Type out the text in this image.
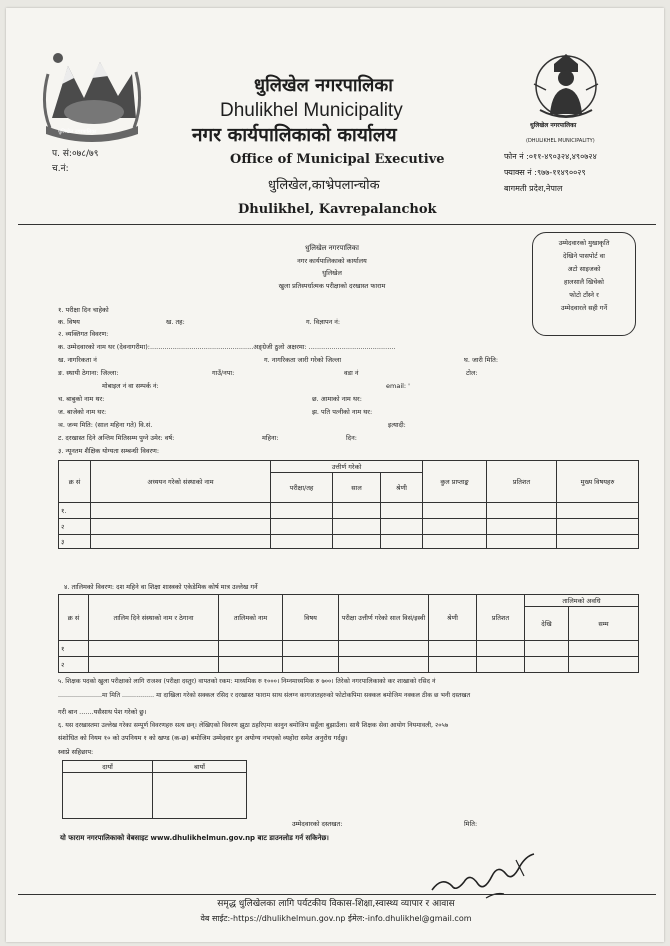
धुलिखेल नगरपालिका
धुलिखेल नगरपालिका
(DHULIKHEL MUNICIPALITY)
धुलिखेल नगरपालिका
Dhulikhel Municipality
नगर कार्यपालिकाको कार्यालय
Office of Municipal Executive
धुलिखेल,काभ्रेपलान्चोक
Dhulikhel, Kavrepalanchok
प. सं:०७८/७९
च.नं:
फोन नं :०११-४९०३२४,४९०७२४
फ्याक्स नं :९७७-११४९००२९
बागमती प्रदेश,नेपाल
धुलिखेल नगरपालिका
नगर कार्यपालिकाको कार्यालय
धुलिखेल
खुला प्रतिस्पर्धात्मक परीक्षाको दरखास्त फाराम
उम्मेदवारको मुखाकृति
देखिने पासपोर्ट वा
अटो साइजको
हालसालै खिचेको
फोटो टाँस्ने र
उम्मेदवारले सही गर्ने
१. परीक्षा दिन चाहेको
क. विषय	ख. तह:	ग. विज्ञापन नं:
२. व्यक्तिगत विवरण:
क. उम्मेदवारको नाम थर (देवनागरीमा):..................................................अङ्ग्रेजी ठुलो अक्षरमा: ..........................................
ख. नागरिकता नं	ग. नागरिकता जारी गरेको जिल्ला	घ. जारी मिति:
ङ. स्थायी ठेगाना: जिल्ला:	गाउँ/नपा:	वडा नं	टोल:
मोबाइल नं वा सम्पर्क नं:	email: '
च. बाबुको नाम थर:	छ. आमाको नाम थर:
ज. बाजेको नाम थर:	झ. पति पत्नीको नाम थर:
ञ. जन्म मिति: (साल महिना गते) वि.सं.	इत्यादी:
ट. दरखास्त दिने अन्तिम मितिसम्म पुग्ने उमेर: वर्ष:	महिना:	दिन:
३. न्यूनतम शैक्षिक योग्यता सम्बन्धी विवरण:
क्र सं	अध्ययन गरेको संस्थाको नाम	उत्तीर्ण गरेको			कुल प्राप्ताङ्क	प्रतिशत	मुख्य विषयहरु
		परीक्षा/तह	साल	श्रेणी			
१.							
२							
३							
४. तालिमको विवरण: दश महिने वा शिक्षा शास्त्रको एकेडेमिक कोर्ष मात्र उल्लेख गर्ने
क्र सं	तालिम दिने संस्थाको नाम र ठेगाना	तालिमको नाम	विषय	परीक्षा उत्तीर्ण गरेको साल विसं/इस्वी	श्रेणी	प्रतिशत	तालिमको अवधि	
							देखि	सम्म
१								
२								
५. शिक्षक पदको खुला परीक्षाको लागि राजश्व (परीक्षा दस्तुर) वापतको रकम: माध्यमिक रु १०००। निम्नमाध्यमिक रु ७००। तिरेको नगरपालिकाको कर शाखाको रसिद नं
......................मा मिति ................ मा दाखिला गरेको सक्कल रसिद र दरखास्त फाराम साथ संलग्न कागजातहरुको फोटोकपिमा सक्कल बमोजिम नक्कल ठीक छ भनी दस्तखत
गरी बान .......यसैसाथ पेश गरेको छु।
६. यस दरखास्तमा उल्लेख गरेका सम्पूर्ण विवरणहरु सत्य छन्। लेखिएको विवरण झुठा ठहरिएमा कानुन बमोजिम सहुँला बुझाउँला। साथै शिक्षक सेवा आयोग नियमावली, २०५७
संशोधित को नियम १० को उपनियम १ को खण्ड (क-छ) बमोजिम उम्मेदवार हुन अयोग्य नभएको व्यहोरा समेत अनुरोध गर्दछु।
स्वाप्ने सहिछाप:
दायाँ	बायाँ

उम्मेदवारको दस्तखत:	मिति:
यो फाराम नगरपालिकाको वेबसाइट www.dhulikhelmun.gov.np बाट डाउनलोड गर्न सकिनेछ।
समृद्ध धुलिखेलका लागि पर्यटकीय विकास-शिक्षा,स्वास्थ्य व्यापार र आवास
वेब साईट:-https://dhulikhelmun.gov.np ईमेल:-info.dhulikhel@gmail.com
